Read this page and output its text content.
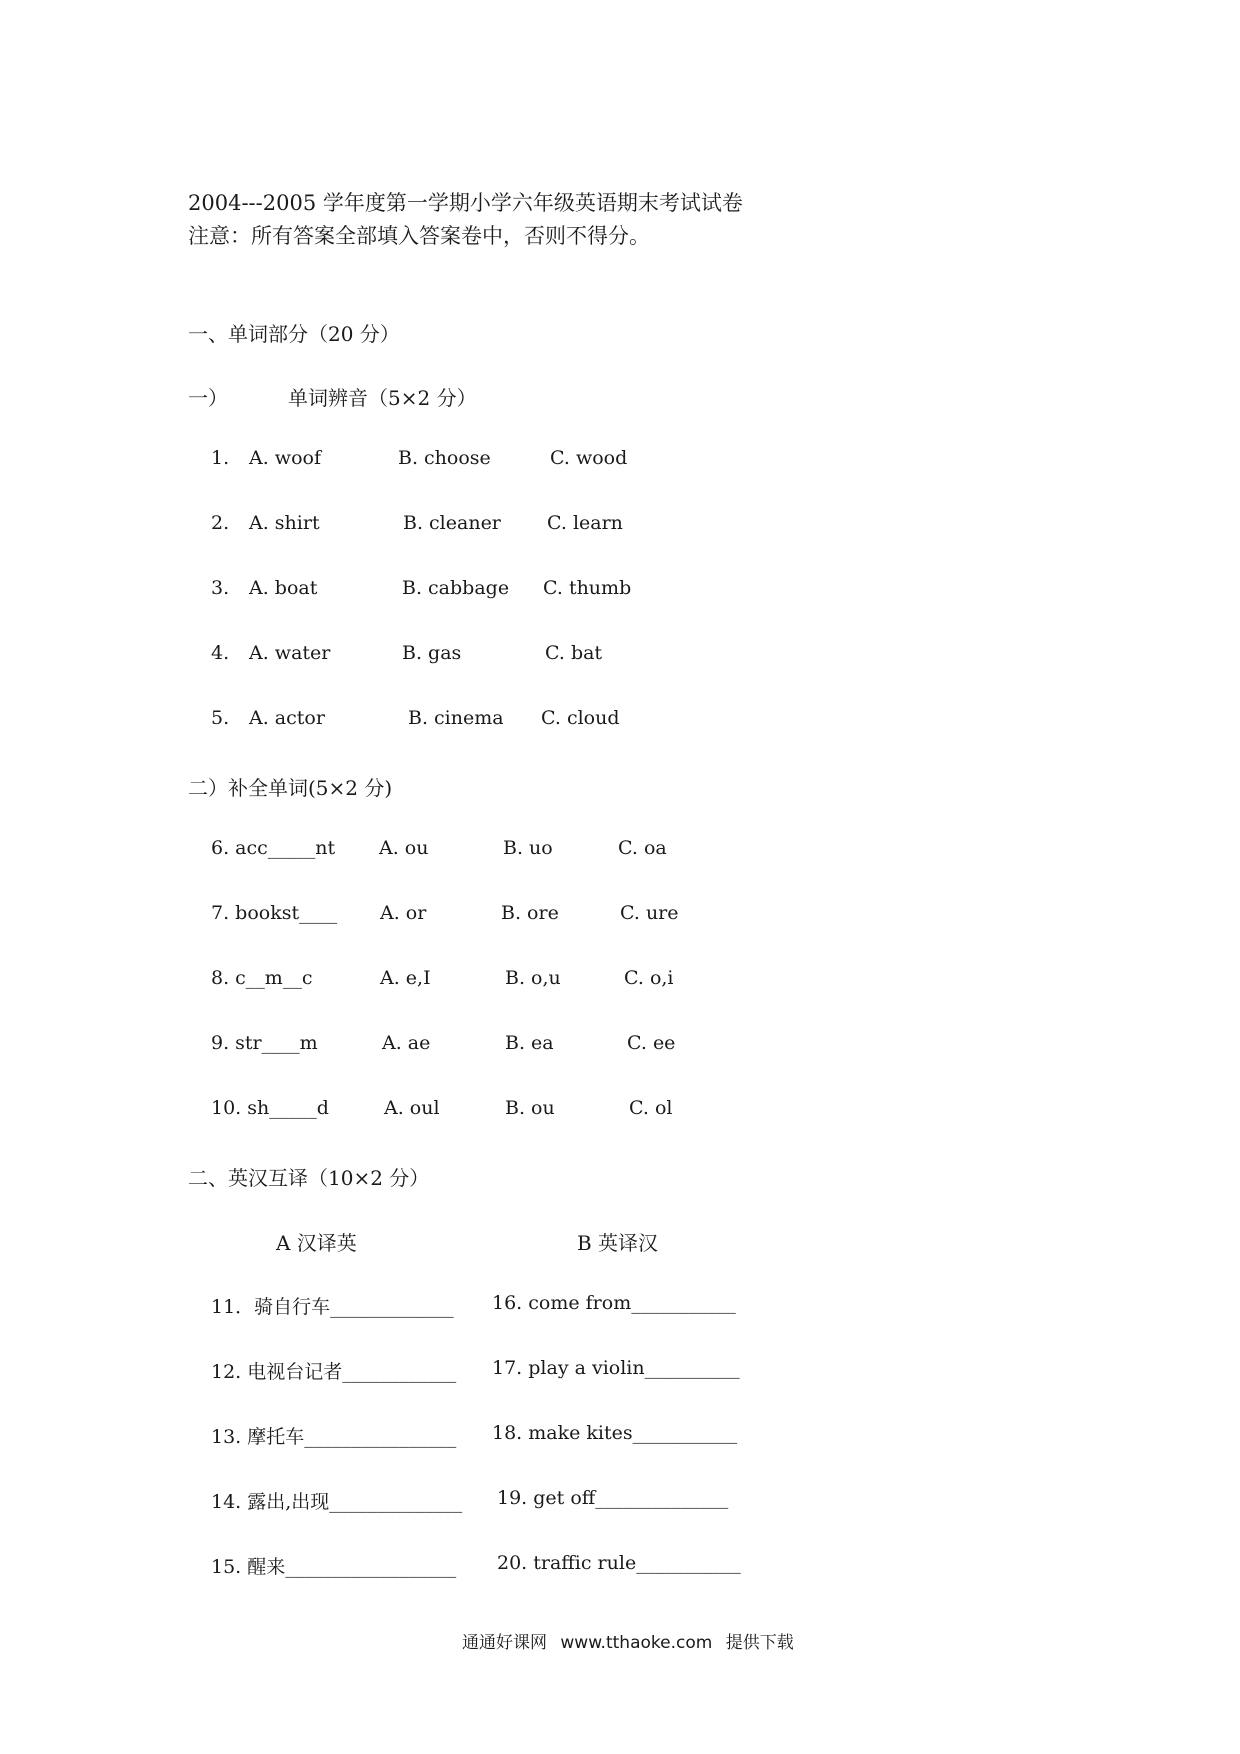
2004---2005 学年度第一学期小学六年级英语期末考试试卷
注意：所有答案全部填入答案卷中，否则不得分。
一、单词部分（20 分）
一）	单词辨音（5×2 分）
1. A. woof	B. choose	C. wood
2. A. shirt	B. cleaner C. learn
3. A. boat	B. cabbage C. thumb
4. A. water	B. gas	C. bat
5. A. actor	B. cinema C. cloud
二）补全单词(5×2 分)
6. acc_____nt A. ou	B. uo	C. oa
7. bookst____ A. or	B. ore	C. ure
8. c__m__c	A. e,I	B. o,u	C. o,i
9. str____m	A. ae	B. ea	C. ee
10. sh_____d	A. oul	B. ou	C. ol
二、英汉互译（10×2 分）
A 汉译英	B 英译汉
11．骑自行车_____________ 16. come from___________
12. 电视台记者____________ 17. play a violin__________
13. 摩托车________________ 18. make kites___________
14. 露出,出现______________ 19. get off______________
15. 醒来__________________ 20. traffic rule___________
通通好课网 www.tthaoke.com 提供下载
